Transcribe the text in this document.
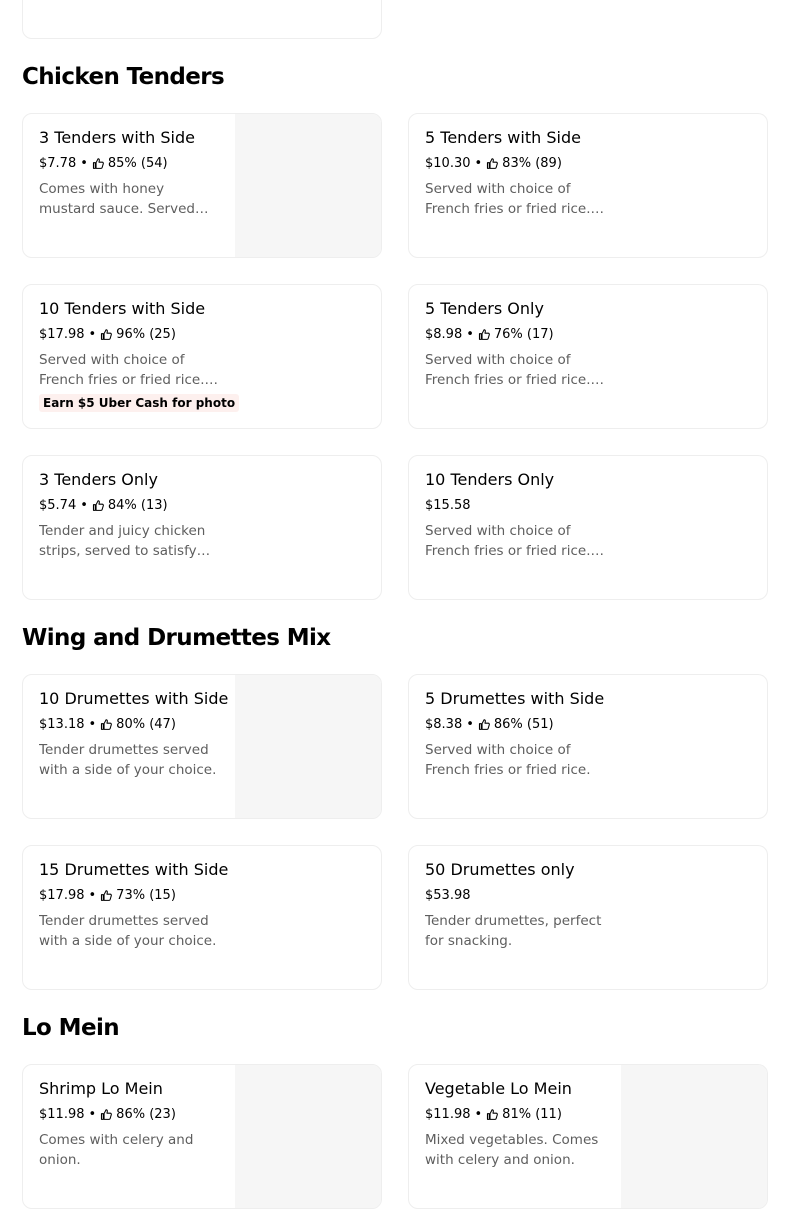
Chicken Tenders
3 Tenders with Side
$7.78 • 85% (54)
Comes with honey mustard sauce. Served
5 Tenders with Side
$10.30 • 83% (89)
Served with choice of French fries or fried rice.
10 Tenders with Side
$17.98 • 96% (25)
Served with choice of French fries or fried rice.
Earn $5 Uber Cash for photo
5 Tenders Only
$8.98 • 76% (17)
Served with choice of French fries or fried rice.
3 Tenders Only
$5.74 • 84% (13)
Tender and juicy chicken strips, served to satisfy
10 Tenders Only
$15.58
Served with choice of French fries or fried rice.
Wing and Drumettes Mix
10 Drumettes with Side
$13.18 • 80% (47)
Tender drumettes served with a side of your choice.
5 Drumettes with Side
$8.38 • 86% (51)
Served with choice of French fries or fried rice.
15 Drumettes with Side
$17.98 • 73% (15)
Tender drumettes served with a side of your choice.
50 Drumettes only
$53.98
Tender drumettes, perfect for snacking.
Lo Mein
Shrimp Lo Mein
$11.98 • 86% (23)
Comes with celery and onion.
Vegetable Lo Mein
$11.98 • 81% (11)
Mixed vegetables. Comes with celery and onion.
